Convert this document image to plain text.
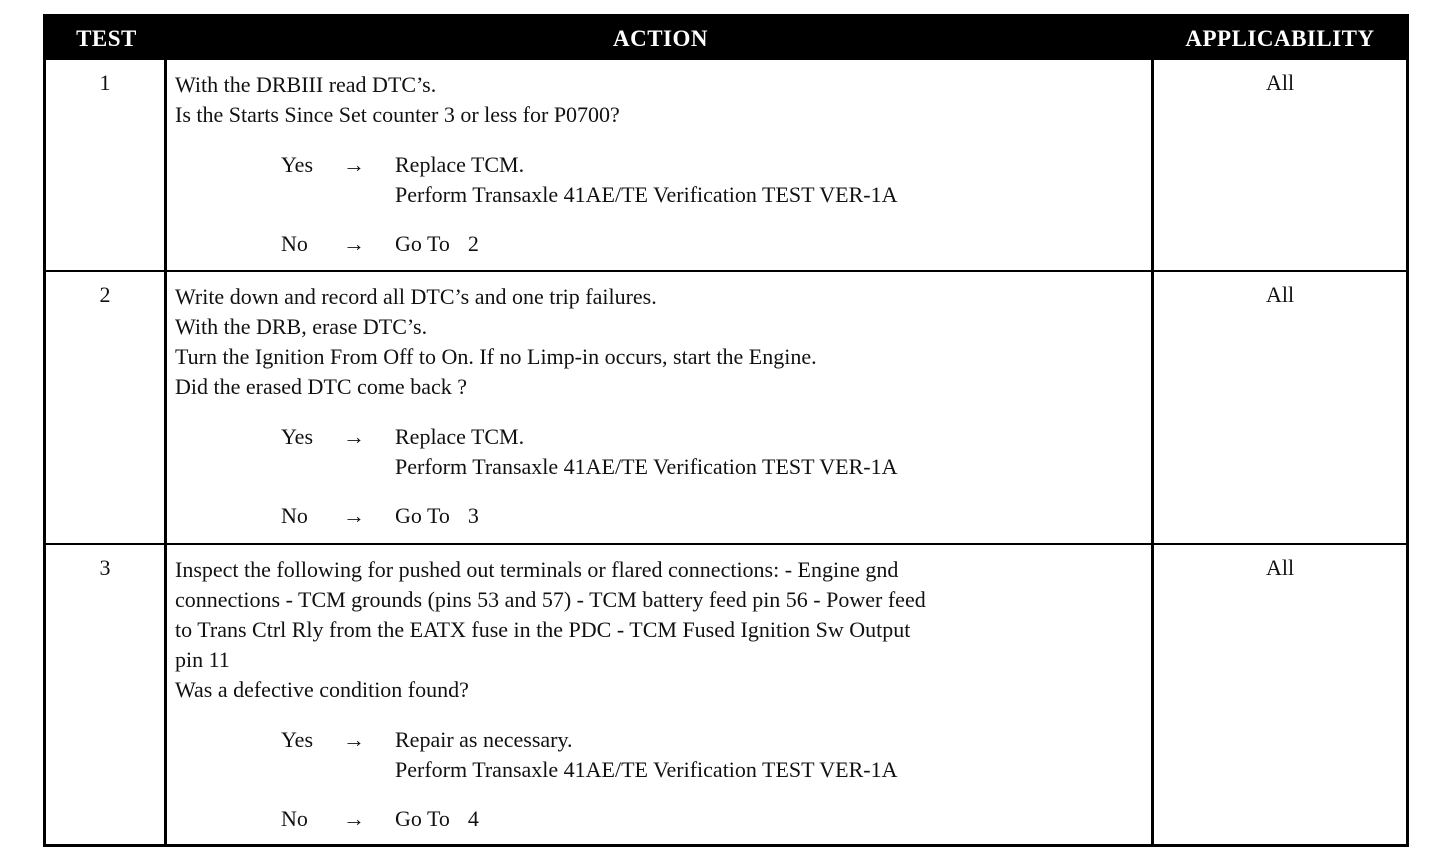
TEST	ACTION	APPLICABILITY
1	With the DRBIII read DTC’s.
Is the Starts Since Set counter 3 or less for P0700?
Yes	→	Replace TCM.
Perform Transaxle 41AE/TE Verification TEST VER-1A
No	→	Go To 2
All
2	Write down and record all DTC’s and one trip failures.
With the DRB, erase DTC’s.
Turn the Ignition From Off to On. If no Limp-in occurs, start the Engine.
Did the erased DTC come back ?
Yes	→	Replace TCM.
Perform Transaxle 41AE/TE Verification TEST VER-1A
No	→	Go To 3
All
3	Inspect the following for pushed out terminals or flared connections: - Engine gnd
connections - TCM grounds (pins 53 and 57) - TCM battery feed pin 56 - Power feed
to Trans Ctrl Rly from the EATX fuse in the PDC - TCM Fused Ignition Sw Output
pin 11
Was a defective condition found?
Yes	→	Repair as necessary.
Perform Transaxle 41AE/TE Verification TEST VER-1A
No	→	Go To 4
All
